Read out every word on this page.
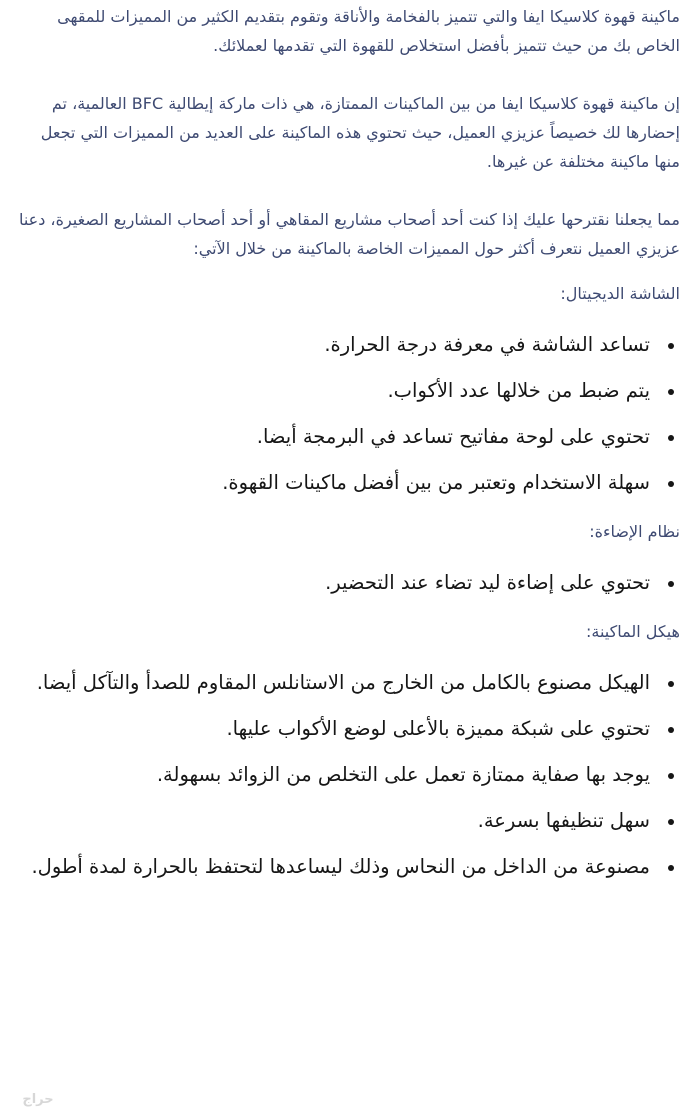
ماكينة قهوة كلاسيكا ايفا والتي تتميز بالفخامة والأناقة وتقوم بتقديم الكثير من المميزات للمقهى الخاص بك من حيث تتميز بأفضل استخلاص للقهوة التي تقدمها لعملائك.

إن ماكينة قهوة كلاسيكا ايفا من بين الماكينات الممتازة، هي ذات ماركة إيطالية BFC العالمية، تم إحضارها لك خصيصاً عزيزي العميل، حيث تحتوي هذه الماكينة على العديد من المميزات التي تجعل منها ماكينة مختلفة عن غيرها.

مما يجعلنا نقترحها عليك إذا كنت أحد أصحاب مشاريع المقاهي أو أحد أصحاب المشاريع الصغيرة، دعنا عزيزي العميل نتعرف أكثر حول المميزات الخاصة بالماكينة من خلال الآتي:

الشاشة الديجيتال:
تساعد الشاشة في معرفة درجة الحرارة.
يتم ضبط من خلالها عدد الأكواب.
تحتوي على لوحة مفاتيح تساعد في البرمجة أيضا.
سهلة الاستخدام وتعتبر من بين أفضل ماكينات القهوة.
نظام الإضاءة:
تحتوي على إضاءة ليد تضاء عند التحضير.
هيكل الماكينة:
الهيكل مصنوع بالكامل من الخارج من الاستانلس المقاوم للصدأ والتآكل أيضا.
تحتوي على شبكة مميزة بالأعلى لوضع الأكواب عليها.
يوجد بها صفاية ممتازة تعمل على التخلص من الزوائد بسهولة.
سهل تنظيفها بسرعة.
مصنوعة من الداخل من النحاس وذلك ليساعدها لتحتفظ بالحرارة لمدة أطول.
حراج
